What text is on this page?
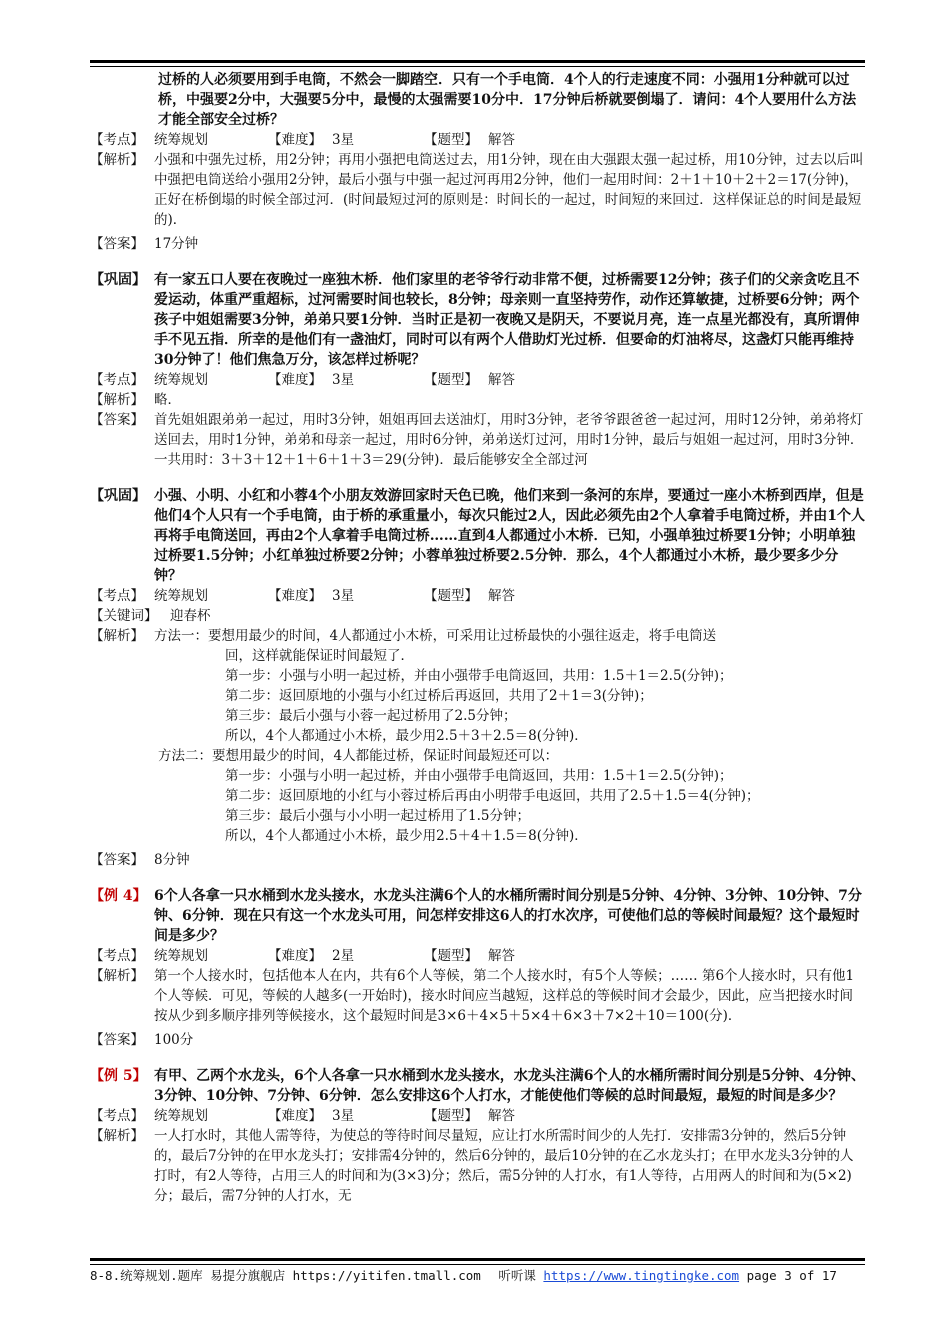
过桥的人必须要用到手电筒，不然会一脚踏空．只有一个手电筒．4个人的行走速度不同：小强用1分种就可以过桥，中强要2分中，大强要5分中，最慢的太强需要10分中．17分钟后桥就要倒塌了．请问：4个人要用什么方法才能全部安全过桥？
【考点】 统筹规划	【难度】 3星	【题型】 解答
【解析】 小强和中强先过桥，用2分钟；再用小强把电筒送过去，用1分钟，现在由大强跟太强一起过桥，用10分钟，过去以后叫中强把电筒送给小强用2分钟，最后小强与中强一起过河再用2分钟，他们一起用时间：2＋1＋10＋2＋2＝17(分钟)，正好在桥倒塌的时候全部过河．(时间最短过河的原则是：时间长的一起过，时间短的来回过．这样保证总的时间是最短的)．
【答案】 17分钟
【巩固】 有一家五口人要在夜晚过一座独木桥．他们家里的老爷爷行动非常不便，过桥需要12分钟；孩子们的父亲贪吃且不爱运动，体重严重超标，过河需要时间也较长，8分钟；母亲则一直坚持劳作，动作还算敏捷，过桥要6分钟；两个孩子中姐姐需要3分钟，弟弟只要1分钟．当时正是初一夜晚又是阴天，不要说月亮，连一点星光都没有，真所谓伸手不见五指．所幸的是他们有一盏油灯，同时可以有两个人借助灯光过桥．但要命的灯油将尽，这盏灯只能再维持30分钟了！他们焦急万分，该怎样过桥呢？
【考点】 统筹规划	【难度】 3星	【题型】 解答
【解析】 略．
【答案】 首先姐姐跟弟弟一起过，用时3分钟，姐姐再回去送油灯，用时3分钟，老爷爷跟爸爸一起过河，用时12分钟，弟弟将灯送回去，用时1分钟，弟弟和母亲一起过，用时6分钟，弟弟送灯过河，用时1分钟，最后与姐姐一起过河，用时3分钟．一共用时：3＋3＋12＋1＋6＋1＋3＝29(分钟)．最后能够安全全部过河
【巩固】 小强、小明、小红和小蓉4个小朋友效游回家时天色已晚，他们来到一条河的东岸，要通过一座小木桥到西岸，但是他们4个人只有一个手电筒，由于桥的承重量小，每次只能过2人，因此必须先由2个人拿着手电筒过桥，并由1个人再将手电筒送回，再由2个人拿着手电筒过桥……直到4人都通过小木桥．已知，小强单独过桥要1分钟；小明单独过桥要1.5分钟；小红单独过桥要2分钟；小蓉单独过桥要2.5分钟．那么，4个人都通过小木桥，最少要多少分钟？
【考点】 统筹规划	【难度】 3星	【题型】 解答
【关键词】 迎春杯
【解析】 方法一：要想用最少的时间，4人都通过小木桥，可采用让过桥最快的小强往返走，将手电筒送
回，这样就能保证时间最短了．
第一步：小强与小明一起过桥，并由小强带手电筒返回，共用：1.5＋1＝2.5(分钟)；
第二步：返回原地的小强与小红过桥后再返回，共用了2＋1＝3(分钟)；
第三步：最后小强与小蓉一起过桥用了2.5分钟；
所以，4个人都通过小木桥，最少用2.5＋3＋2.5＝8(分钟)．
方法二：要想用最少的时间，4人都能过桥，保证时间最短还可以：
第一步：小强与小明一起过桥，并由小强带手电筒返回，共用：1.5＋1＝2.5(分钟)；
第二步：返回原地的小红与小蓉过桥后再由小明带手电返回，共用了2.5＋1.5＝4(分钟)；
第三步：最后小强与小小明一起过桥用了1.5分钟；
所以，4个人都通过小木桥，最少用2.5＋4＋1.5＝8(分钟)．
【答案】 8分钟
【例 4】 6个人各拿一只水桶到水龙头接水，水龙头注满6个人的水桶所需时间分别是5分钟、4分钟、3分钟、10分钟、7分钟、6分钟．现在只有这一个水龙头可用，问怎样安排这6人的打水次序，可使他们总的等候时间最短？这个最短时间是多少？
【考点】 统筹规划	【难度】 2星	【题型】 解答
【解析】 第一个人接水时，包括他本人在内，共有6个人等候，第二个人接水时，有5个人等候；…… 第6个人接水时，只有他1个人等候．可见，等候的人越多(一开始时)，接水时间应当越短，这样总的等候时间才会最少，因此，应当把接水时间按从少到多顺序排列等候接水，这个最短时间是3×6＋4×5＋5×4＋6×3＋7×2＋10＝100(分)．
【答案】 100分
【例 5】 有甲、乙两个水龙头，6个人各拿一只水桶到水龙头接水，水龙头注满6个人的水桶所需时间分别是5分钟、4分钟、3分钟、10分钟、7分钟、6分钟．怎么安排这6个人打水，才能使他们等候的总时间最短，最短的时间是多少？
【考点】 统筹规划	【难度】 3星	【题型】 解答
【解析】 一人打水时，其他人需等待，为使总的等待时间尽量短，应让打水所需时间少的人先打．安排需3分钟的，然后5分钟的，最后7分钟的在甲水龙头打；安排需4分钟的，然后6分钟的，最后10分钟的在乙水龙头打；在甲水龙头3分钟的人打时，有2人等待，占用三人的时间和为(3×3)分；然后，需5分钟的人打水，有1人等待，占用两人的时间和为(5×2)分；最后，需7分钟的人打水，无
8-8.统筹规划.题库 易提分旗舰店 https://yitifen.tmall.com 听听课 https://www.tingtingke.com page 3 of 17
